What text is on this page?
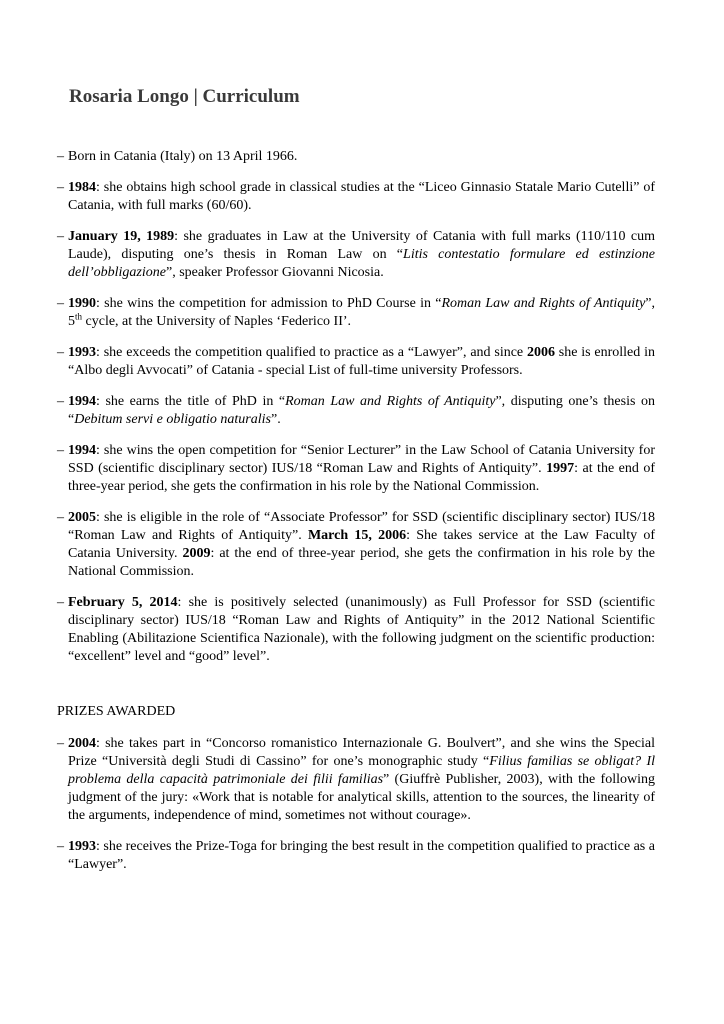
Rosaria Longo | Curriculum
– Born in Catania (Italy) on 13 April 1966.
– 1984: she obtains high school grade in classical studies at the “Liceo Ginnasio Statale Mario Cutelli” of Catania, with full marks (60/60).
– January 19, 1989: she graduates in Law at the University of Catania with full marks (110/110 cum Laude), disputing one’s thesis in Roman Law on “Litis contestatio formulare ed estinzione dell’obbligazione”, speaker Professor Giovanni Nicosia.
– 1990: she wins the competition for admission to PhD Course in “Roman Law and Rights of Antiquity”, 5th cycle, at the University of Naples ‘Federico II’.
– 1993: she exceeds the competition qualified to practice as a “Lawyer”, and since 2006 she is enrolled in “Albo degli Avvocati” of Catania - special List of full-time university Professors.
– 1994: she earns the title of PhD in “Roman Law and Rights of Antiquity”, disputing one’s thesis on “Debitum servi e obligatio naturalis”.
– 1994: she wins the open competition for “Senior Lecturer” in the Law School of Catania University for SSD (scientific disciplinary sector) IUS/18 “Roman Law and Rights of Antiquity”. 1997: at the end of three-year period, she gets the confirmation in his role by the National Commission.
– 2005: she is eligible in the role of “Associate Professor” for SSD (scientific disciplinary sector) IUS/18 “Roman Law and Rights of Antiquity”. March 15, 2006: She takes service at the Law Faculty of Catania University. 2009: at the end of three-year period, she gets the confirmation in his role by the National Commission.
– February 5, 2014: she is positively selected (unanimously) as Full Professor for SSD (scientific disciplinary sector) IUS/18 “Roman Law and Rights of Antiquity” in the 2012 National Scientific Enabling (Abilitazione Scientifica Nazionale), with the following judgment on the scientific production: “excellent” level and “good” level”.
PRIZES AWARDED
– 2004: she takes part in “Concorso romanistico Internazionale G. Boulvert”, and she wins the Special Prize “Università degli Studi di Cassino” for one’s monographic study “Filius familias se obligat? Il problema della capacità patrimoniale dei filii familias” (Giuffrè Publisher, 2003), with the following judgment of the jury: «Work that is notable for analytical skills, attention to the sources, the linearity of the arguments, independence of mind, sometimes not without courage».
– 1993: she receives the Prize-Toga for bringing the best result in the competition qualified to practice as a “Lawyer”.
